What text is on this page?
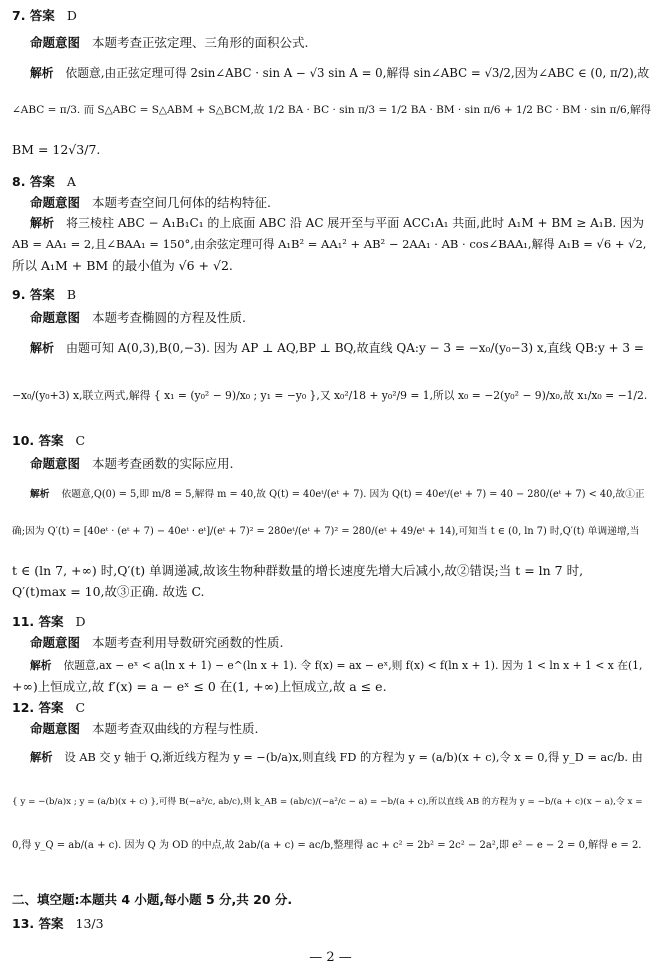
7. 答案 D
命题意图 本题考查正弦定理、三角形的面积公式.
解析 依题意,由正弦定理可得 2sin∠ABC · sin A − √3 sin A = 0,解得 sin∠ABC = √3/2,因为∠ABC ∈ (0, π/2),故
∠ABC = π/3. 而 S△ABC = S△ABM + S△BCM,故 1/2 BA · BC · sin π/3 = 1/2 BA · BM · sin π/6 + 1/2 BC · BM · sin π/6,解得
BM = 12√3/7.
8. 答案 A
命题意图 本题考查空间几何体的结构特征.
解析 将三棱柱 ABC − A₁B₁C₁ 的上底面 ABC 沿 AC 展开至与平面 ACC₁A₁ 共面,此时 A₁M + BM ≥ A₁B. 因为
AB = AA₁ = 2,且∠BAA₁ = 150°,由余弦定理可得 A₁B² = AA₁² + AB² − 2AA₁ · AB · cos∠BAA₁,解得 A₁B = √6 + √2,
所以 A₁M + BM 的最小值为 √6 + √2.
9. 答案 B
命题意图 本题考查椭圆的方程及性质.
解析 由题可知 A(0,3),B(0,−3). 因为 AP ⊥ AQ,BP ⊥ BQ,故直线 QA:y − 3 = −x₀/(y₀−3) x,直线 QB:y + 3 =
−x₀/(y₀+3) x,联立两式,解得 { x₁ = (y₀² − 9)/x₀ ; y₁ = −y₀ },又 x₀²/18 + y₀²/9 = 1,所以 x₀ = −2(y₀² − 9)/x₀,故 x₁/x₀ = −1/2.
10. 答案 C
命题意图 本题考查函数的实际应用.
解析 依题意,Q(0) = 5,即 m/8 = 5,解得 m = 40,故 Q(t) = 40eᵗ/(eᵗ + 7). 因为 Q(t) = 40eᵗ/(eᵗ + 7) = 40 − 280/(eᵗ + 7) < 40,故①正
确;因为 Q′(t) = [40eᵗ · (eᵗ + 7) − 40eᵗ · eᵗ]/(eᵗ + 7)² = 280eᵗ/(eᵗ + 7)² = 280/(eᵗ + 49/eᵗ + 14),可知当 t ∈ (0, ln 7) 时,Q′(t) 单调递增,当
t ∈ (ln 7, +∞) 时,Q′(t) 单调递减,故该生物种群数量的增长速度先增大后减小,故②错误;当 t = ln 7 时,
Q′(t)max = 10,故③正确. 故选 C.
11. 答案 D
命题意图 本题考查利用导数研究函数的性质.
解析 依题意,ax − eˣ < a(ln x + 1) − e^(ln x + 1). 令 f(x) = ax − eˣ,则 f(x) < f(ln x + 1). 因为 1 < ln x + 1 < x 在(1,
+∞)上恒成立,故 f′(x) = a − eˣ ≤ 0 在(1, +∞)上恒成立,故 a ≤ e.
12. 答案 C
命题意图 本题考查双曲线的方程与性质.
解析 设 AB 交 y 轴于 Q,渐近线方程为 y = −(b/a)x,则直线 FD 的方程为 y = (a/b)(x + c),令 x = 0,得 y_D = ac/b. 由
{ y = −(b/a)x ; y = (a/b)(x + c) },可得 B(−a²/c, ab/c),则 k_AB = (ab/c)/(−a²/c − a) = −b/(a + c),所以直线 AB 的方程为 y = −b/(a + c)(x − a),令 x =
0,得 y_Q = ab/(a + c). 因为 Q 为 OD 的中点,故 2ab/(a + c) = ac/b,整理得 ac + c² = 2b² = 2c² − 2a²,即 e² − e − 2 = 0,解得 e = 2.
二、填空题:本题共 4 小题,每小题 5 分,共 20 分.
13. 答案 13/3
— 2 —
